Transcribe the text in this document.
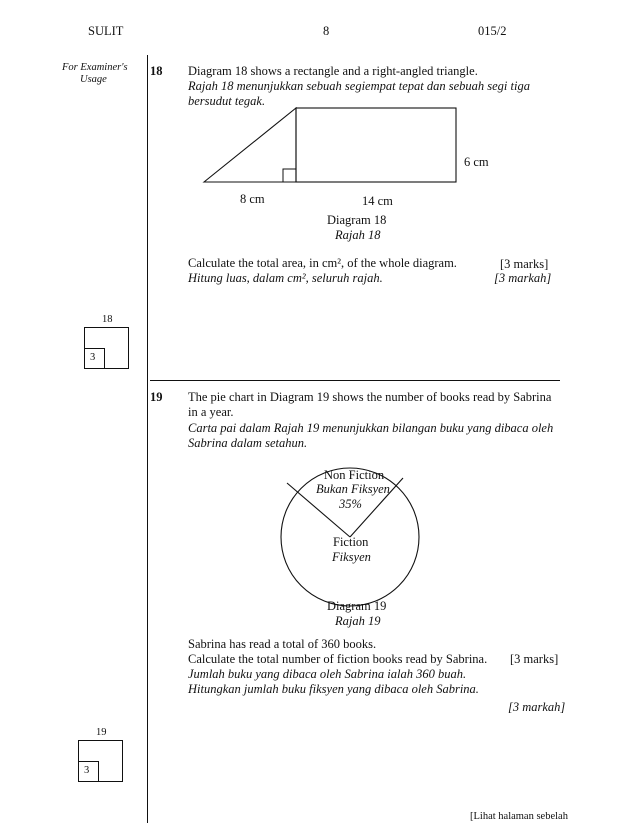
SULIT	8	015/2
For Examiner's
Usage
18
3
19
3
18 Diagram 18 shows a rectangle and a right-angled triangle.
Rajah 18 menunjukkan sebuah segiempat tepat dan sebuah segi tiga
bersudut tegak.
6 cm
8 cm	14 cm
Diagram 18
Rajah 18
Calculate the total area, in cm², of the whole diagram.
Hitung luas, dalam cm², seluruh rajah.
[3 marks]
[3 markah]
19 The pie chart in Diagram 19 shows the number of books read by Sabrina
in a year.
Carta pai dalam Rajah 19 menunjukkan bilangan buku yang dibaca oleh
Sabrina dalam setahun.
Non Fiction
Bukan Fiksyen
35%
Fiction
Fiksyen
Diagram 19
Rajah 19
Sabrina has read a total of 360 books.
Calculate the total number of fiction books read by Sabrina. [3 marks]
Jumlah buku yang dibaca oleh Sabrina ialah 360 buah.
Hitungkan jumlah buku fiksyen yang dibaca oleh Sabrina.
[3 markah]
[Lihat halaman sebelah
